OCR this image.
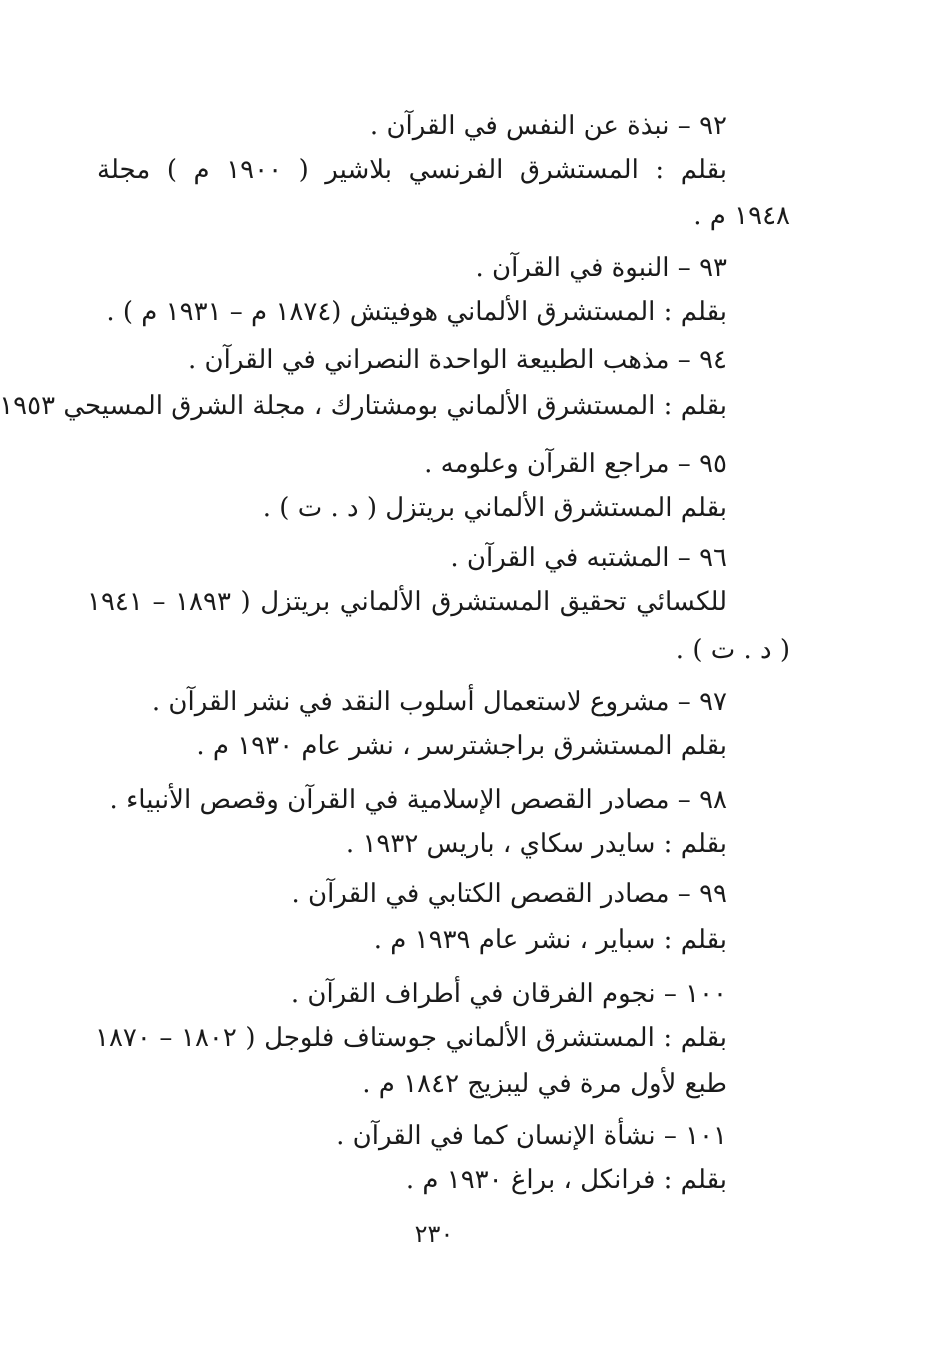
٩٢ – نبذة عن النفس في القرآن .
بقلم : المستشرق الفرنسي بلاشير ( ١٩٠٠ م ) مجلة
١٩٤٨ م .
٩٣ – النبوة في القرآن .
بقلم : المستشرق الألماني هوفيتش (١٨٧٤ م – ١٩٣١ م ) .
٩٤ – مذهب الطبيعة الواحدة النصراني في القرآن .
بقلم : المستشرق الألماني بومشتارك ، مجلة الشرق المسيحي ١٩٥٣
٩٥ – مراجع القرآن وعلومه .
بقلم المستشرق الألماني بريتزل ( د . ت ) .
٩٦ – المشتبه في القرآن .
للكسائي تحقيق المستشرق الألماني بريتزل ( ١٨٩٣ – ١٩٤١
( د . ت ) .
٩٧ – مشروع لاستعمال أسلوب النقد في نشر القرآن .
بقلم المستشرق براجشترسر ، نشر عام ١٩٣٠ م .
٩٨ – مصادر القصص الإسلامية في القرآن وقصص الأنبياء .
بقلم : سايدر سكاي ، باريس ١٩٣٢ .
٩٩ – مصادر القصص الكتابي في القرآن .
بقلم : سباير ، نشر عام ١٩٣٩ م .
١٠٠ – نجوم الفرقان في أطراف القرآن .
بقلم : المستشرق الألماني جوستاف فلوجل ( ١٨٠٢ – ١٨٧٠
طبع لأول مرة في ليبزيج ١٨٤٢ م .
١٠١ – نشأة الإنسان كما في القرآن .
بقلم : فرانكل ، براغ ١٩٣٠ م .
٢٣٠
